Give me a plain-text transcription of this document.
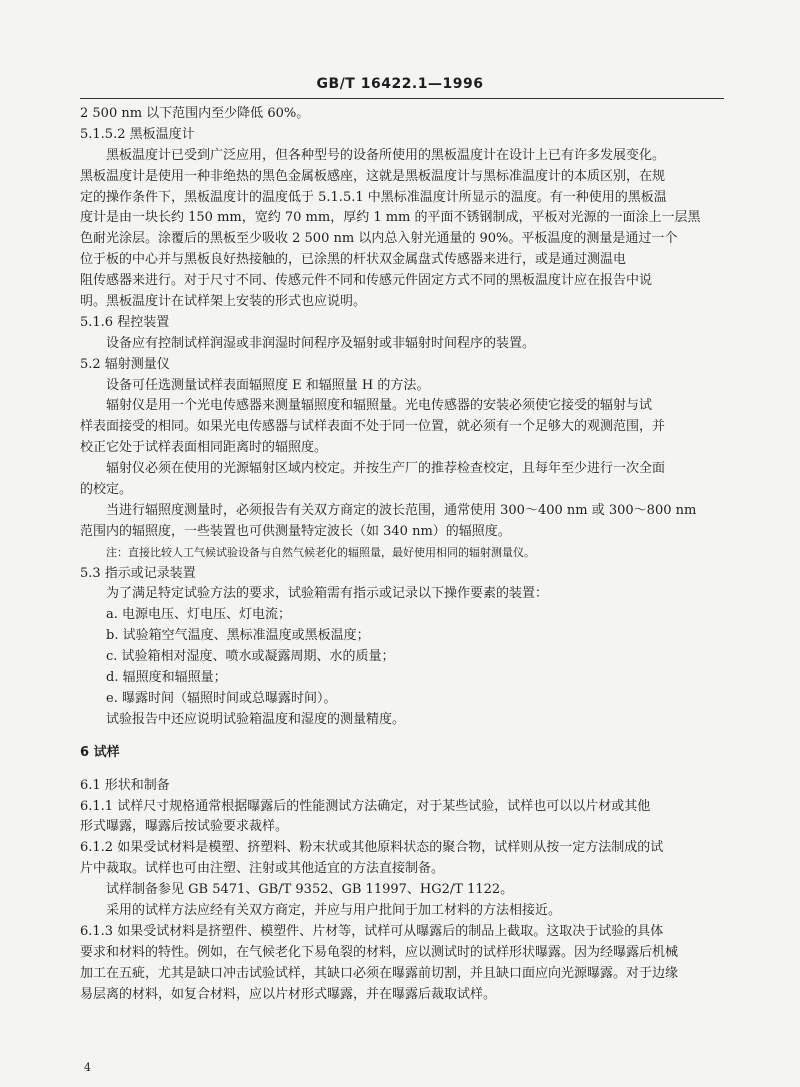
GB/T 16422.1—1996
2 500 nm 以下范围内至少降低 60%。
5.1.5.2 黑板温度计
黑板温度计已受到广泛应用，但各种型号的设备所使用的黑板温度计在设计上已有许多发展变化。
黑板温度计是使用一种非绝热的黑色金属板感座，这就是黑板温度计与黑标准温度计的本质区别，在规
定的操作条件下，黑板温度计的温度低于 5.1.5.1 中黑标准温度计所显示的温度。有一种使用的黑板温
度计是由一块长约 150 mm，宽约 70 mm，厚约 1 mm 的平面不锈钢制成，平板对光源的一面涂上一层黑
色耐光涂层。涂覆后的黑板至少吸收 2 500 nm 以内总入射光通量的 90%。平板温度的测量是通过一个
位于板的中心并与黑板良好热接触的，已涂黑的杆状双金属盘式传感器来进行，或是通过测温电
阻传感器来进行。对于尺寸不同、传感元件不同和传感元件固定方式不同的黑板温度计应在报告中说
明。黑板温度计在试样架上安装的形式也应说明。
5.1.6 程控装置
设备应有控制试样润湿或非润湿时间程序及辐射或非辐射时间程序的装置。
5.2 辐射测量仪
设备可任选测量试样表面辐照度 E 和辐照量 H 的方法。
辐射仪是用一个光电传感器来测量辐照度和辐照量。光电传感器的安装必须使它接受的辐射与试
样表面接受的相同。如果光电传感器与试样表面不处于同一位置，就必须有一个足够大的观测范围，并
校正它处于试样表面相同距离时的辐照度。
辐射仪必须在使用的光源辐射区域内校定。并按生产厂的推荐检查校定，且每年至少进行一次全面
的校定。
当进行辐照度测量时，必须报告有关双方商定的波长范围，通常使用 300～400 nm 或 300～800 nm
范围内的辐照度，一些装置也可供测量特定波长（如 340 nm）的辐照度。
注：直接比较人工气候试验设备与自然气候老化的辐照量，最好使用相同的辐射测量仪。
5.3 指示或记录装置
为了满足特定试验方法的要求，试验箱需有指示或记录以下操作要素的装置：
a. 电源电压、灯电压、灯电流；
b. 试验箱空气温度、黑标准温度或黑板温度；
c. 试验箱相对湿度、喷水或凝露周期、水的质量；
d. 辐照度和辐照量；
e. 曝露时间（辐照时间或总曝露时间）。
试验报告中还应说明试验箱温度和湿度的测量精度。
6 试样
6.1 形状和制备
6.1.1 试样尺寸规格通常根据曝露后的性能测试方法确定，对于某些试验，试样也可以以片材或其他
形式曝露，曝露后按试验要求裁样。
6.1.2 如果受试材料是模塑、挤塑料、粉末状或其他原料状态的聚合物，试样则从按一定方法制成的试
片中裁取。试样也可由注塑、注射或其他适宜的方法直接制备。
试样制备参见 GB 5471、GB/T 9352、GB 11997、HG2/T 1122。
采用的试样方法应经有关双方商定，并应与用户批间于加工材料的方法相接近。
6.1.3 如果受试材料是挤塑件、模塑件、片材等，试样可从曝露后的制品上截取。这取决于试验的具体
要求和材料的特性。例如，在气候老化下易龟裂的材料，应以测试时的试样形状曝露。因为经曝露后机械
加工在五疵，尤其是缺口冲击试验试样，其缺口必须在曝露前切割，并且缺口面应向光源曝露。对于边缘
易层离的材料，如复合材料，应以片材形式曝露，并在曝露后裁取试样。
4
